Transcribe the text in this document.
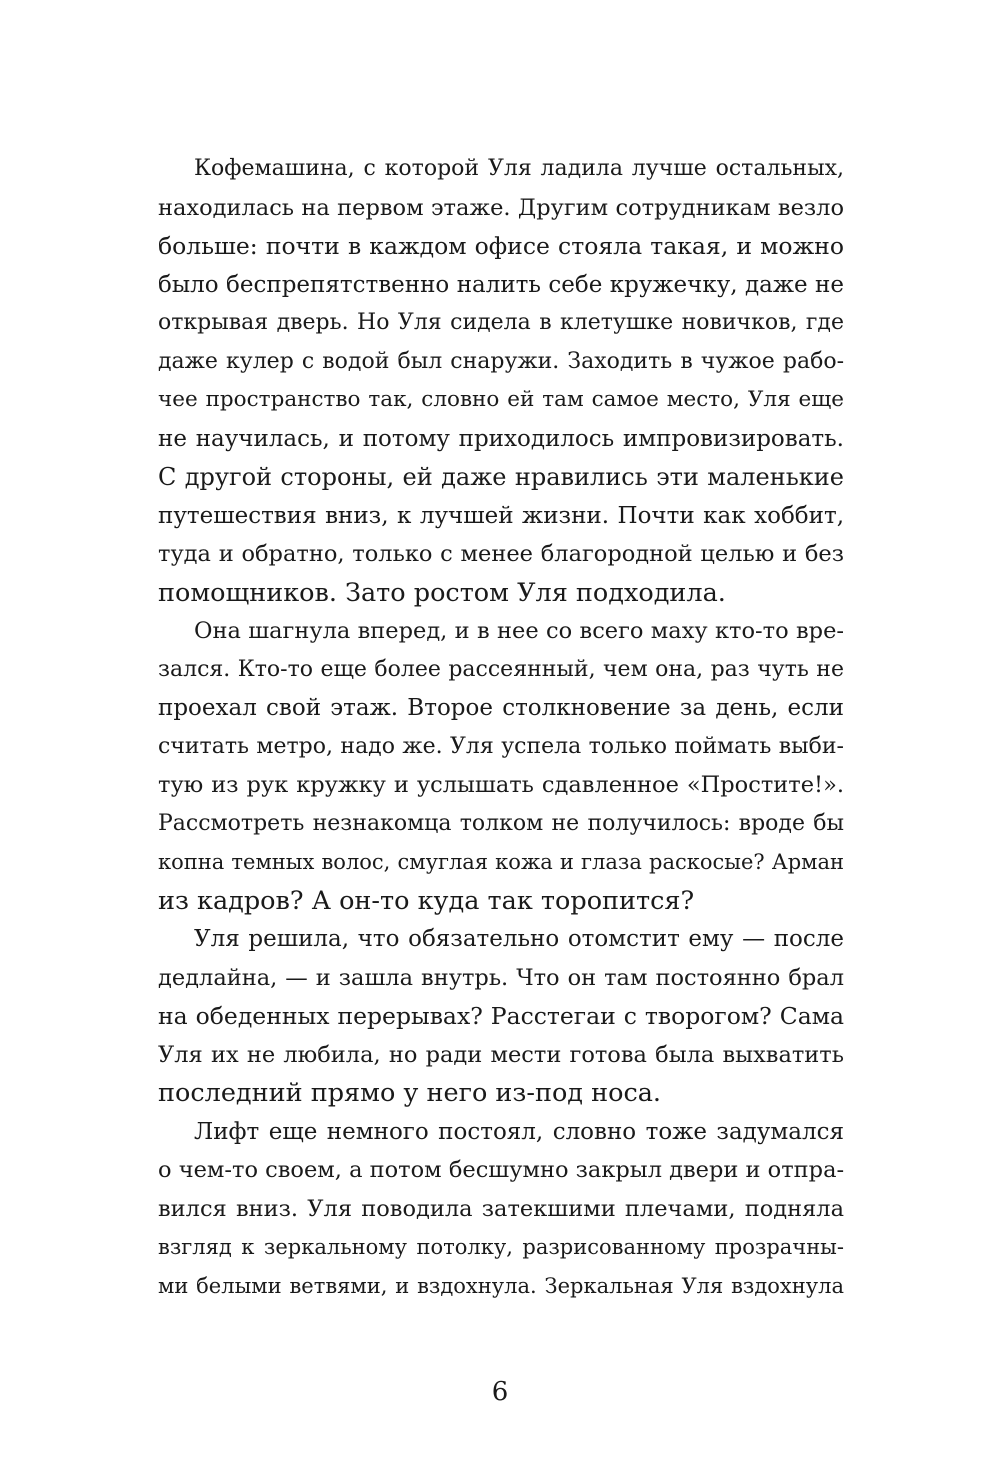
Кофемашина, с которой Уля ладила лучше остальных,
находилась на первом этаже. Другим сотрудникам везло
больше: почти в каждом офисе стояла такая, и можно
было беспрепятственно налить себе кружечку, даже не
открывая дверь. Но Уля сидела в клетушке новичков, где
даже кулер с водой был снаружи. Заходить в чужое рабо-
чее пространство так, словно ей там самое место, Уля еще
не научилась, и потому приходилось импровизировать.
С другой стороны, ей даже нравились эти маленькие
путешествия вниз, к лучшей жизни. Почти как хоббит,
туда и обратно, только с менее благородной целью и без
помощников. Зато ростом Уля подходила.
Она шагнула вперед, и в нее со всего маху кто-то вре-
зался. Кто-то еще более рассеянный, чем она, раз чуть не
проехал свой этаж. Второе столкновение за день, если
считать метро, надо же. Уля успела только поймать выби-
тую из рук кружку и услышать сдавленное «Простите!».
Рассмотреть незнакомца толком не получилось: вроде бы
копна темных волос, смуглая кожа и глаза раскосые? Арман
из кадров? А он-то куда так торопится?
Уля решила, что обязательно отомстит ему — после
дедлайна, — и зашла внутрь. Что он там постоянно брал
на обеденных перерывах? Расстегаи с творогом? Сама
Уля их не любила, но ради мести готова была выхватить
последний прямо у него из-под носа.
Лифт еще немного постоял, словно тоже задумался
о чем-то своем, а потом бесшумно закрыл двери и отпра-
вился вниз. Уля поводила затекшими плечами, подняла
взгляд к зеркальному потолку, разрисованному прозрачны-
ми белыми ветвями, и вздохнула. Зеркальная Уля вздохнула
6
